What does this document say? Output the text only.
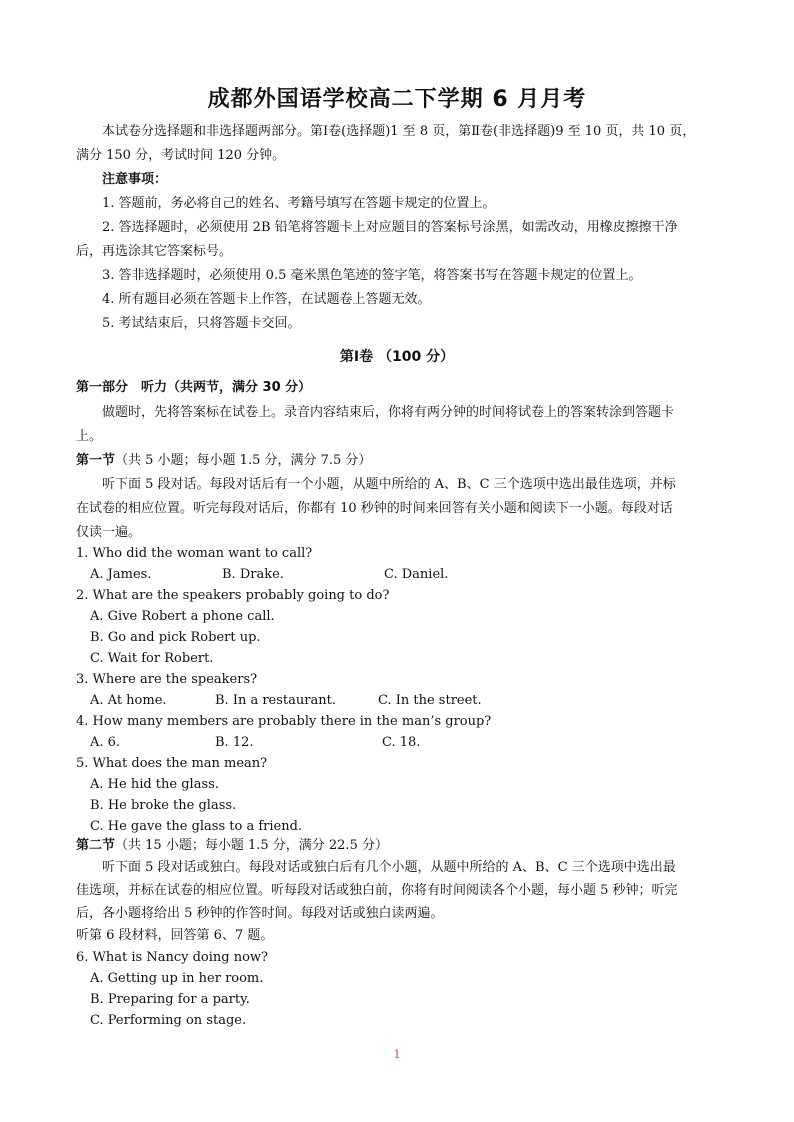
成都外国语学校高二下学期 6 月月考
本试卷分选择题和非选择题两部分。第Ⅰ卷(选择题)1 至 8 页，第Ⅱ卷(非选择题)9 至 10 页，共 10 页，
满分 150 分，考试时间 120 分钟。
注意事项：
1. 答题前，务必将自己的姓名、考籍号填写在答题卡规定的位置上。
2. 答选择题时，必须使用 2B 铅笔将答题卡上对应题目的答案标号涂黑，如需改动，用橡皮擦擦干净
后，再选涂其它答案标号。
3. 答非选择题时，必须使用 0.5 毫米黑色笔迹的签字笔，将答案书写在答题卡规定的位置上。
4. 所有题目必须在答题卡上作答，在试题卷上答题无效。
5. 考试结束后，只将答题卡交回。
第Ⅰ卷 （100 分）
第一部分　听力（共两节，满分 30 分）
做题时，先将答案标在试卷上。录音内容结束后，你将有两分钟的时间将试卷上的答案转涂到答题卡
上。
第一节（共 5 小题；每小题 1.5 分，满分 7.5 分）
听下面 5 段对话。每段对话后有一个小题，从题中所给的 A、B、C 三个选项中选出最佳选项，并标
在试卷的相应位置。听完每段对话后，你都有 10 秒钟的时间来回答有关小题和阅读下一小题。每段对话
仅读一遍。
1. Who did the woman want to call?
A. James.	B. Drake.	C. Daniel.
2. What are the speakers probably going to do?
A. Give Robert a phone call.
B. Go and pick Robert up.
C. Wait for Robert.
3. Where are the speakers?
A. At home.	B. In a restaurant.	C. In the street.
4. How many members are probably there in the man’s group?
A. 6.	B. 12.	C. 18.
5. What does the man mean?
A. He hid the glass.
B. He broke the glass.
C. He gave the glass to a friend.
第二节（共 15 小题；每小题 1.5 分，满分 22.5 分）
听下面 5 段对话或独白。每段对话或独白后有几个小题，从题中所给的 A、B、C 三个选项中选出最
佳选项，并标在试卷的相应位置。听每段对话或独白前，你将有时间阅读各个小题，每小题 5 秒钟；听完
后，各小题将给出 5 秒钟的作答时间。每段对话或独白读两遍。
听第 6 段材料，回答第 6、7 题。
6. What is Nancy doing now?
A. Getting up in her room.
B. Preparing for a party.
C. Performing on stage.
1
